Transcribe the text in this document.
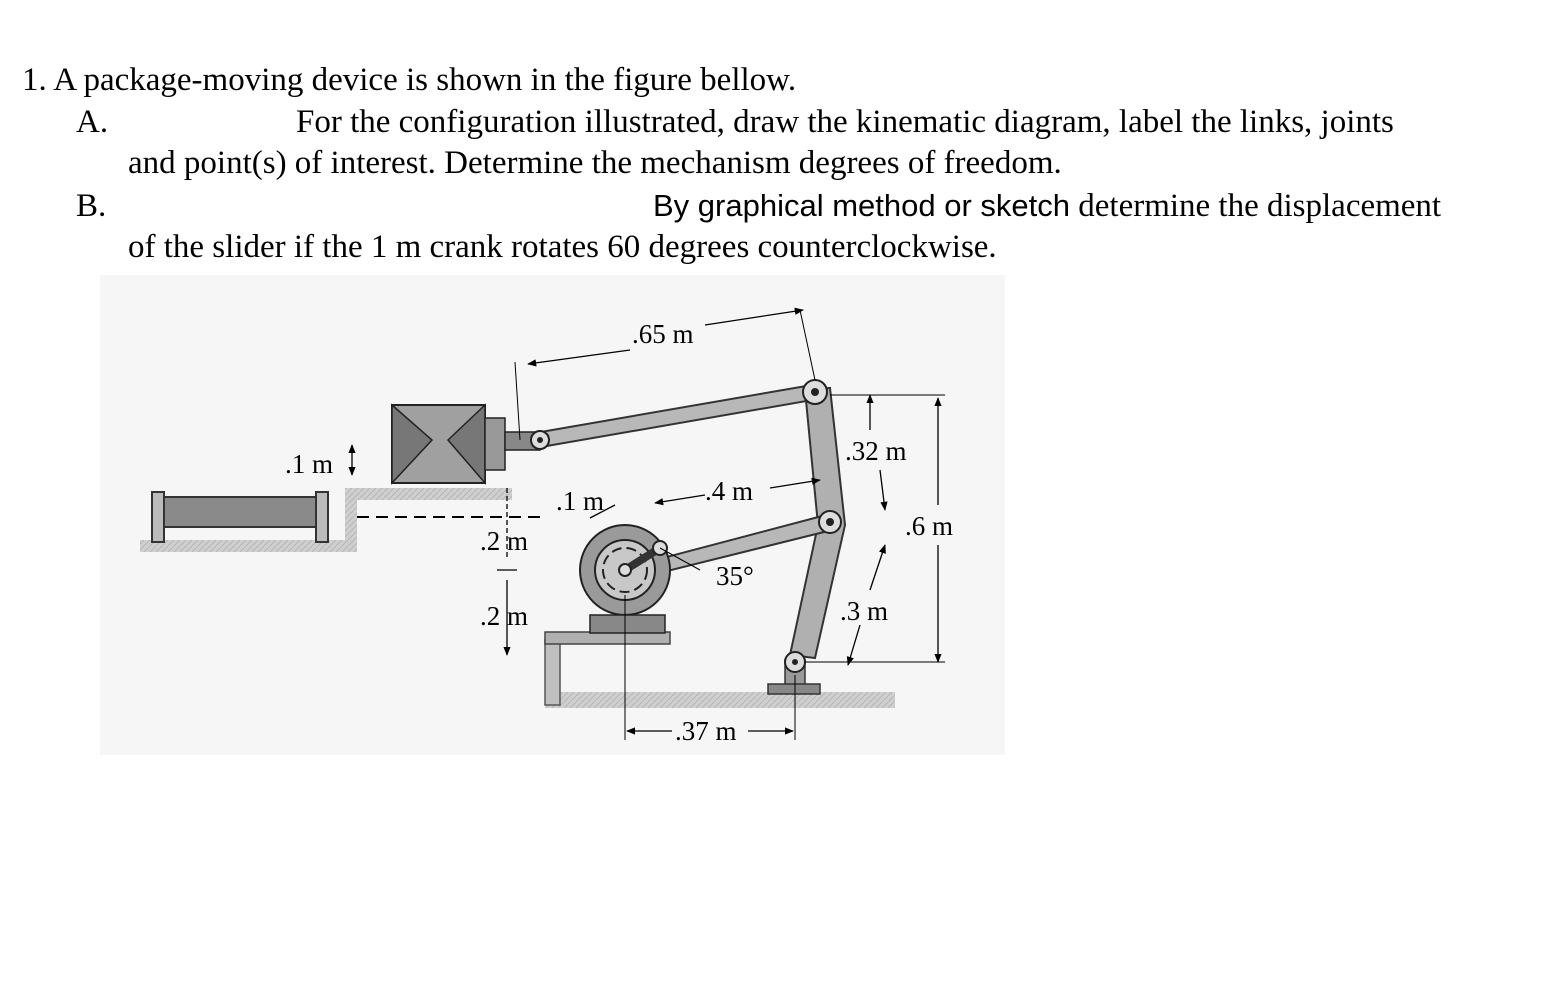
1. A package-moving device is shown in the figure bellow.
A.	For the configuration illustrated, draw the kinematic diagram, label the links, joints
and point(s) of interest. Determine the mechanism degrees of freedom.
B.	By graphical method or sketch determine the displacement
of the slider if the 1 m crank rotates 60 degrees counterclockwise.
.65 m
.1 m
.1 m	.4 m
.32 m
.6 m
.2 m
35°
.2 m	.3 m
.37 m
